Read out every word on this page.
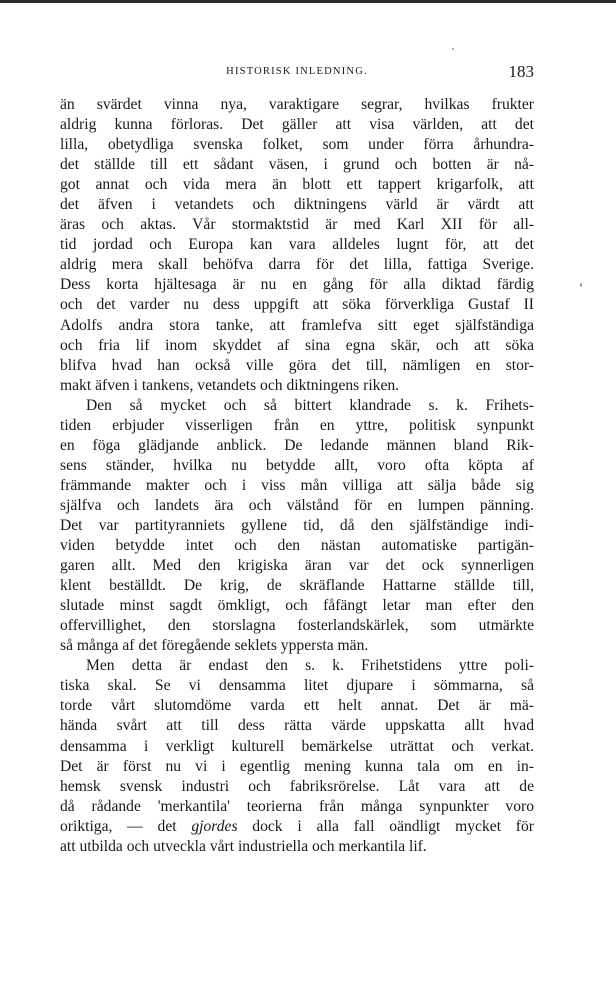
HISTORISK INLEDNING.	183
än svärdet vinna nya, varaktigare segrar, hvilkas frukter
aldrig kunna förloras. Det gäller att visa världen, att det
lilla, obetydliga svenska folket, som under förra århundra-
det ställde till ett sådant väsen, i grund och botten är nå-
got annat och vida mera än blott ett tappert krigarfolk, att
det äfven i vetandets och diktningens värld är värdt att
äras och aktas. Vår stormaktstid är med Karl XII för all-
tid jordad och Europa kan vara alldeles lugnt för, att det
aldrig mera skall behöfva darra för det lilla, fattiga Sverige.
Dess korta hjältesaga är nu en gång för alla diktad färdig
och det varder nu dess uppgift att söka förverkliga Gustaf II
Adolfs andra stora tanke, att framlefva sitt eget själfständiga
och fria lif inom skyddet af sina egna skär, och att söka
blifva hvad han också ville göra det till, nämligen en stor-
makt äfven i tankens, vetandets och diktningens riken.
Den så mycket och så bittert klandrade s. k. Frihets-
tiden erbjuder visserligen från en yttre, politisk synpunkt
en föga glädjande anblick. De ledande männen bland Rik-
sens ständer, hvilka nu betydde allt, voro ofta köpta af
främmande makter och i viss mån villiga att sälja både sig
själfva och landets ära och välstånd för en lumpen pänning.
Det var partityranniets gyllene tid, då den själfständige indi-
viden betydde intet och den nästan automatiske partigän-
garen allt. Med den krigiska äran var det ock synnerligen
klent beställdt. De krig, de skräflande Hattarne ställde till,
slutade minst sagdt ömkligt, och fåfängt letar man efter den
offervillighet, den storslagna fosterlandskärlek, som utmärkte
så många af det föregående seklets yppersta män.
Men detta är endast den s. k. Frihetstidens yttre poli-
tiska skal. Se vi densamma litet djupare i sömmarna, så
torde vårt slutomdöme varda ett helt annat. Det är mä-
hända svårt att till dess rätta värde uppskatta allt hvad
densamma i verkligt kulturell bemärkelse uträttat och verkat.
Det är först nu vi i egentlig mening kunna tala om en in-
hemsk svensk industri och fabriksrörelse. Låt vara att de
då rådande 'merkantila' teorierna från många synpunkter voro
oriktiga, — det gjordes dock i alla fall oändligt mycket för
att utbilda och utveckla vårt industriella och merkantila lif.
